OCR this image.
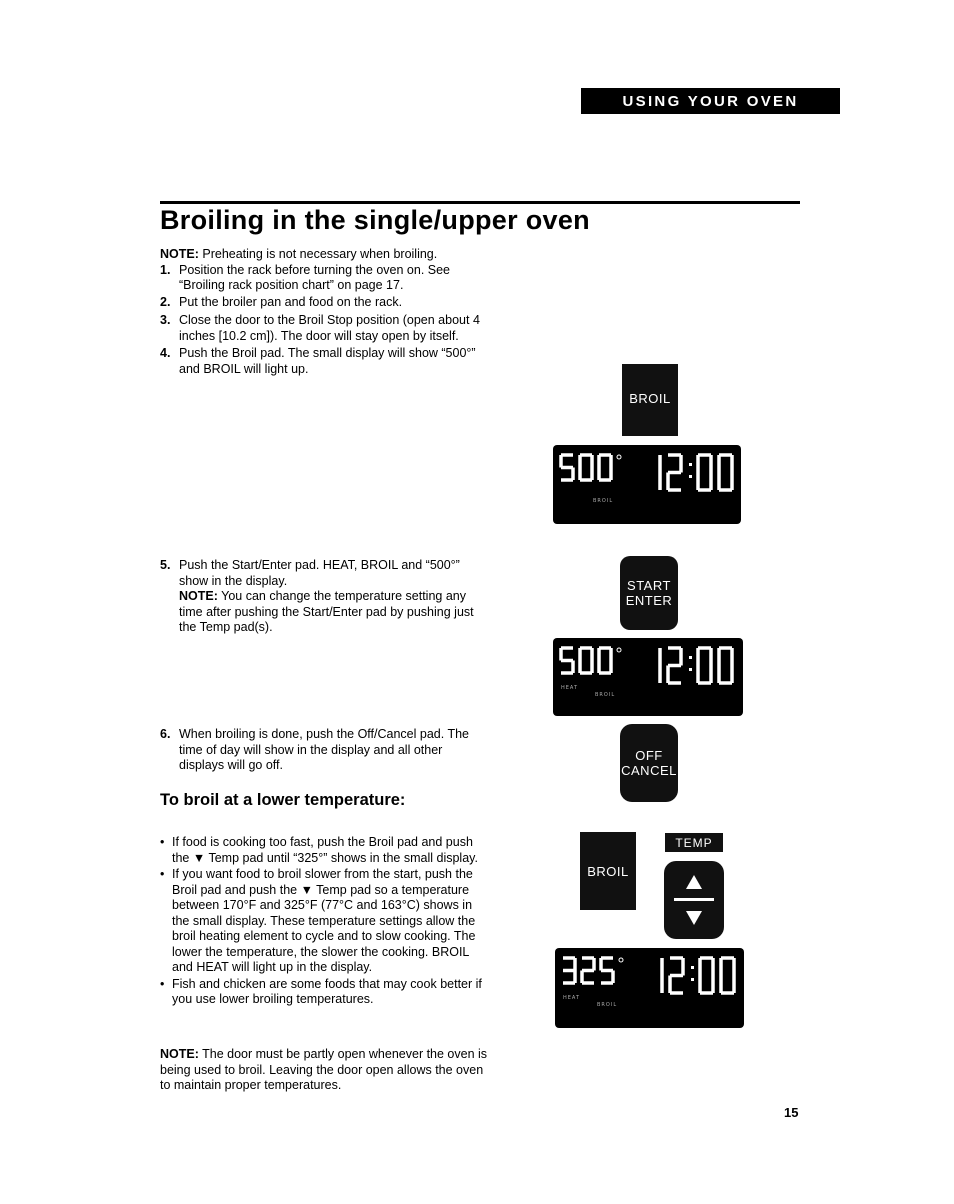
USING YOUR OVEN
Broiling in the single/upper oven
NOTE: Preheating is not necessary when broiling.
1. Position the rack before turning the oven on. See “Broiling rack position chart” on page 17.
2. Put the broiler pan and food on the rack.
3. Close the door to the Broil Stop position (open about 4 inches [10.2 cm]). The door will stay open by itself.
4. Push the Broil pad. The small display will show “500°” and BROIL will light up.
5. Push the Start/Enter pad. HEAT, BROIL and “500°” show in the display.
NOTE: You can change the temperature setting any time after pushing the Start/Enter pad by pushing just the Temp pad(s).
6. When broiling is done, push the Off/Cancel pad. The time of day will show in the display and all other displays will go off.
To broil at a lower temperature:
• If food is cooking too fast, push the Broil pad and push the ▼ Temp pad until “325°” shows in the small display.
• If you want food to broil slower from the start, push the Broil pad and push the ▼ Temp pad so a temperature between 170°F and 325°F (77°C and 163°C) shows in the small display. These temperature settings allow the broil heating element to cycle and to slow cooking. The lower the temperature, the slower the cooking. BROIL and HEAT will light up in the display.
• Fish and chicken are some foods that may cook better if you use lower broiling temperatures.
NOTE: The door must be partly open whenever the oven is being used to broil. Leaving the door open allows the oven to maintain proper temperatures.
15
BROIL
START
ENTER
OFF
CANCEL
BROIL
TEMP
BROIL
HEAT
BROIL
HEAT
BROIL
